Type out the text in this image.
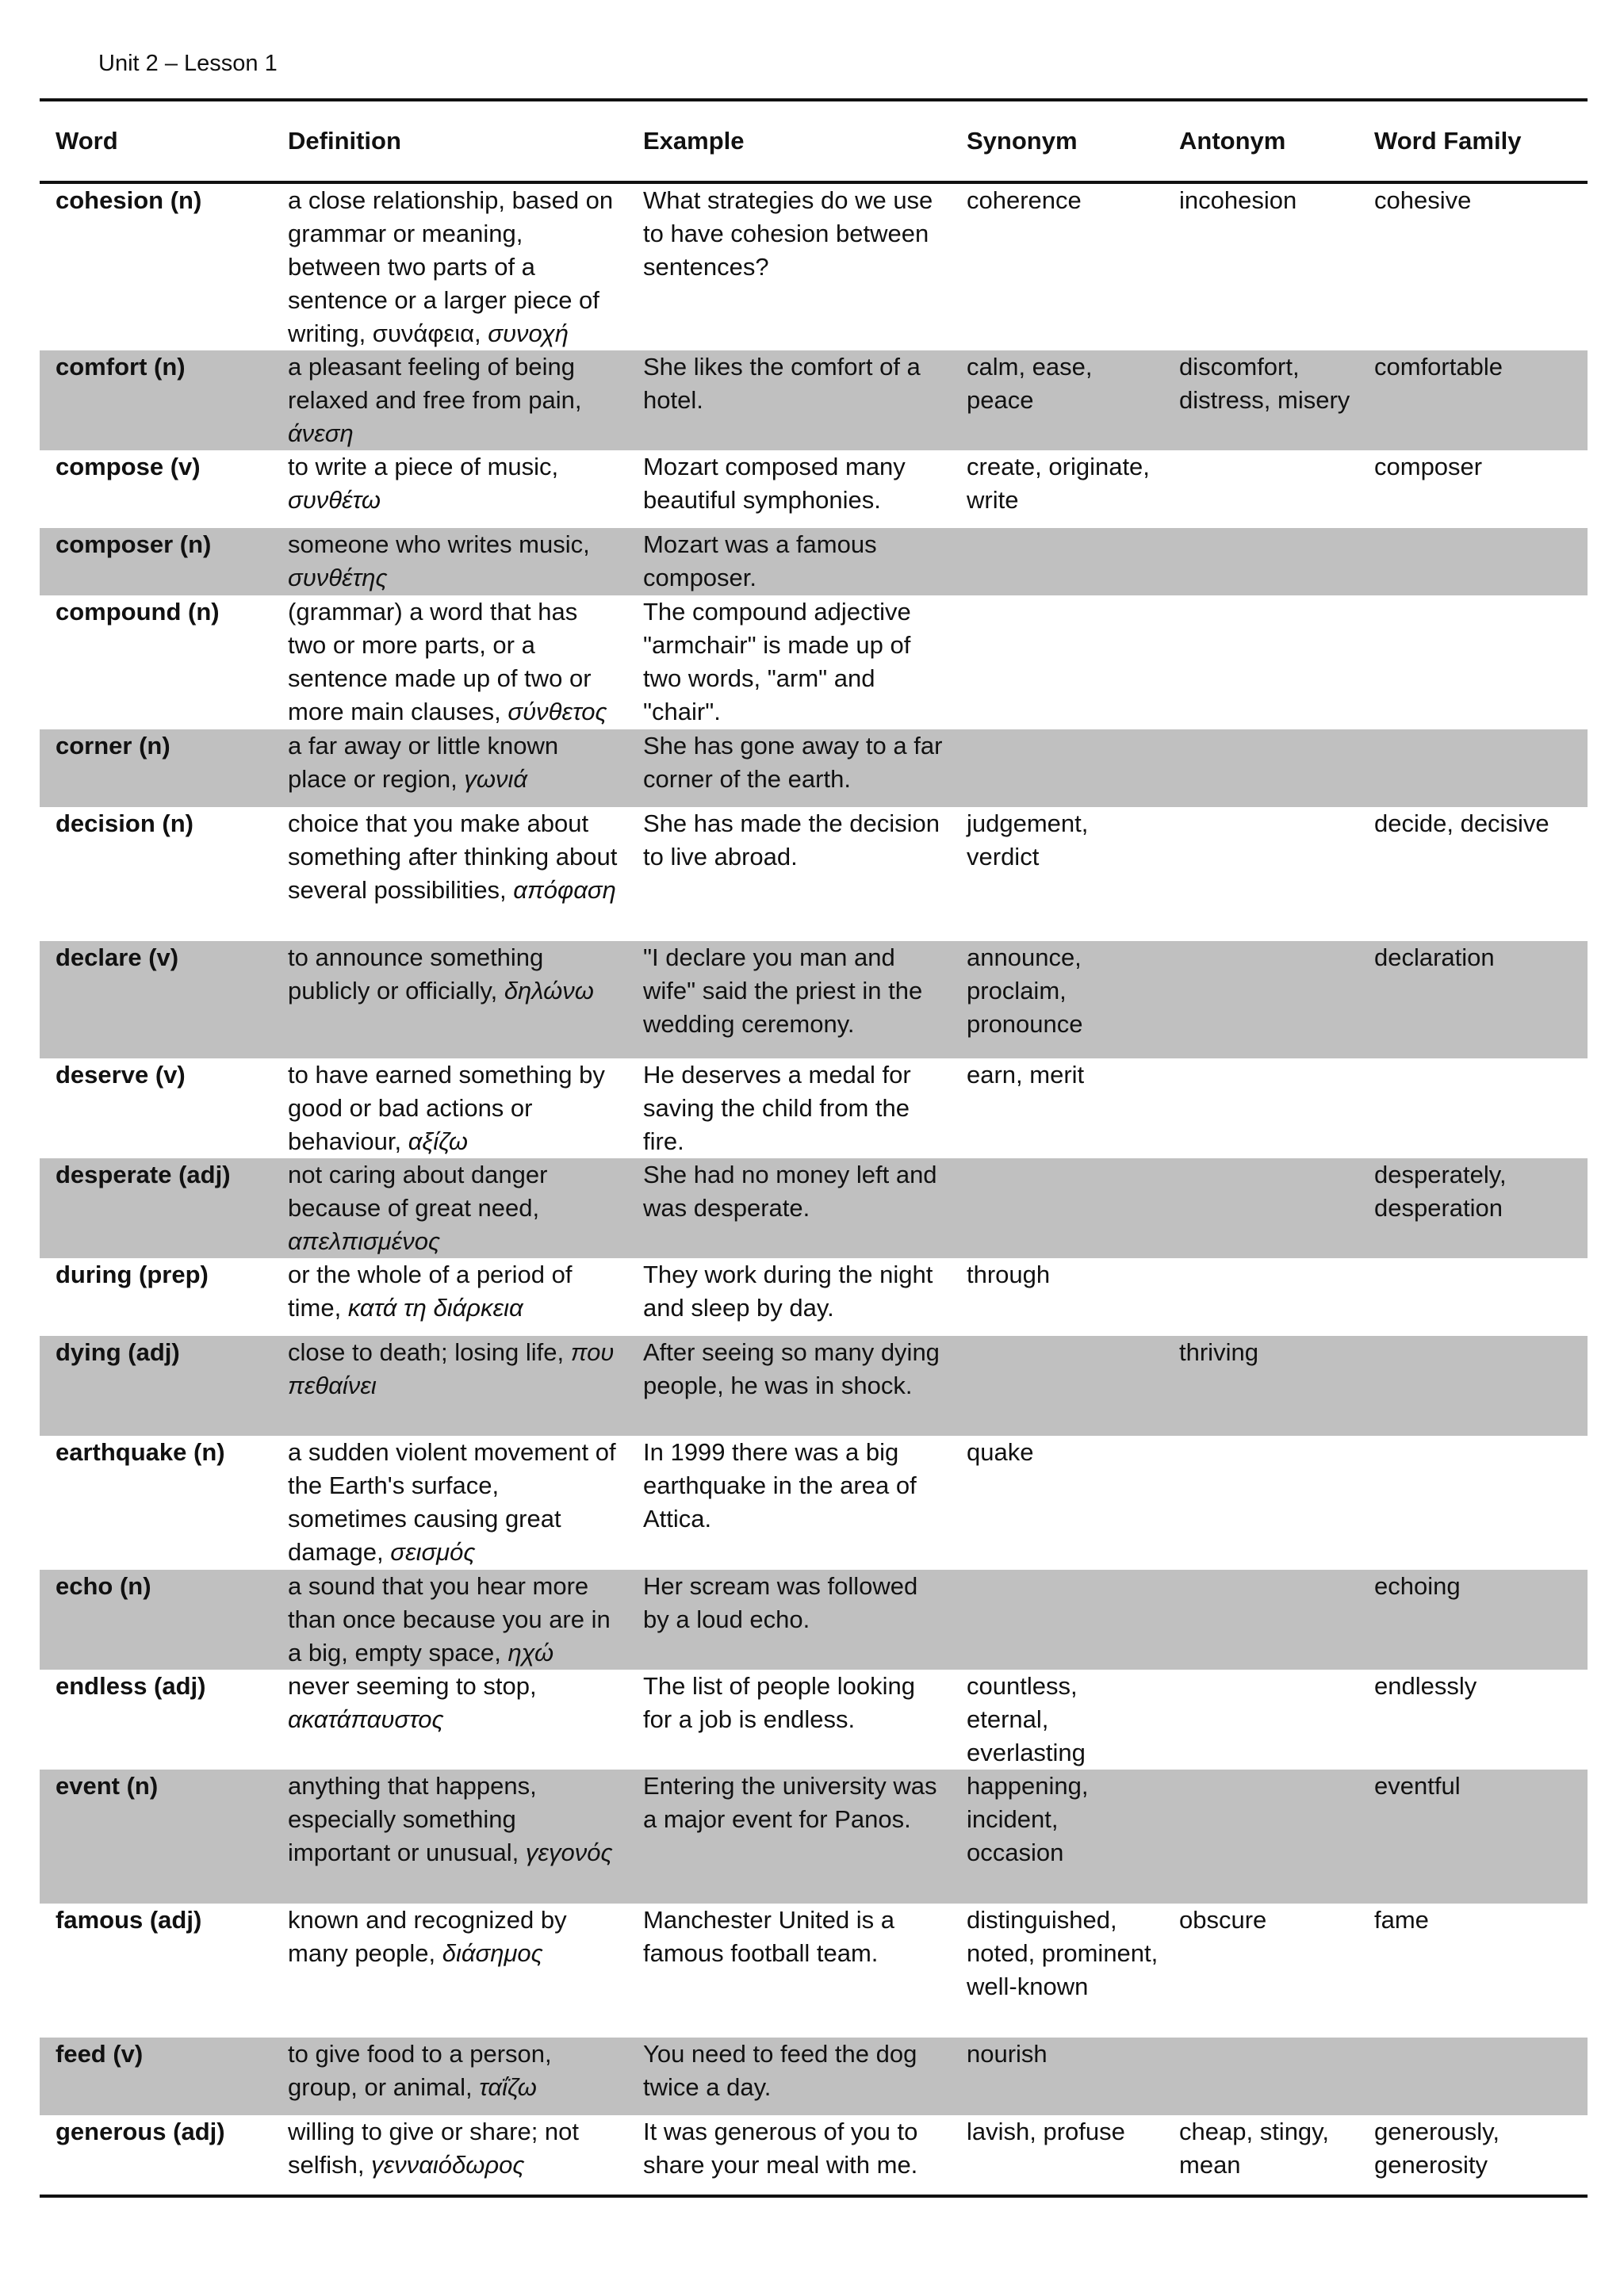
Unit 2 – Lesson 1
Word	Definition	Example	Synonym	Antonym	Word Family
cohesion (n)	a close relationship, based on grammar or meaning, between two parts of a sentence or a larger piece of writing, συνάφεια, συνοχή	What strategies do we use to have cohesion between sentences?	coherence	incohesion	cohesive
comfort (n)	a pleasant feeling of being relaxed and free from pain, άνεση	She likes the comfort of a hotel.	calm, ease, peace	discomfort, distress, misery	comfortable
compose (v)	to write a piece of music, συνθέτω	Mozart composed many beautiful symphonies.	create, originate, write		composer
composer (n)	someone who writes music, συνθέτης	Mozart was a famous composer.			
compound (n)	(grammar) a word that has two or more parts, or a sentence made up of two or more main clauses, σύνθετος	The compound adjective "armchair" is made up of two words, "arm" and "chair".			
corner (n)	a far away or little known place or region, γωνιά	She has gone away to a far corner of the earth.			
decision (n)	choice that you make about something after thinking about several possibilities, απόφαση	She has made the decision to live abroad.	judgement, verdict		decide, decisive
declare (v)	to announce something publicly or officially, δηλώνω	"I declare you man and wife" said the priest in the wedding ceremony.	announce, proclaim, pronounce		declaration
deserve (v)	to have earned something by good or bad actions or behaviour, αξίζω	He deserves a medal for saving the child from the fire.	earn, merit		
desperate (adj)	not caring about danger because of great need, απελπισμένος	She had no money left and was desperate.			desperately, desperation
during (prep)	or the whole of a period of time, κατά τη διάρκεια	They work during the night and sleep by day.	through		
dying (adj)	close to death; losing life, που πεθαίνει	After seeing so many dying people, he was in shock.		thriving	
earthquake (n)	a sudden violent movement of the Earth's surface, sometimes causing great damage, σεισμός	In 1999 there was a big earthquake in the area of Attica.	quake		
echo (n)	a sound that you hear more than once because you are in a big, empty space, ηχώ	Her scream was followed by a loud echo.			echoing
endless (adj)	never seeming to stop, ακατάπαυστος	The list of people looking for a job is endless.	countless, eternal, everlasting		endlessly
event (n)	anything that happens, especially something important or unusual, γεγονός	Entering the university was a major event for Panos.	happening, incident, occasion		eventful
famous (adj)	known and recognized by many people, διάσημος	Manchester United is a famous football team.	distinguished, noted, prominent, well-known	obscure	fame
feed (v)	to give food to a person, group, or animal, ταΐζω	You need to feed the dog twice a day.	nourish		
generous (adj)	willing to give or share; not selfish, γενναιόδωρος	It was generous of you to share your meal with me.	lavish, profuse	cheap, stingy, mean	generously, generosity
